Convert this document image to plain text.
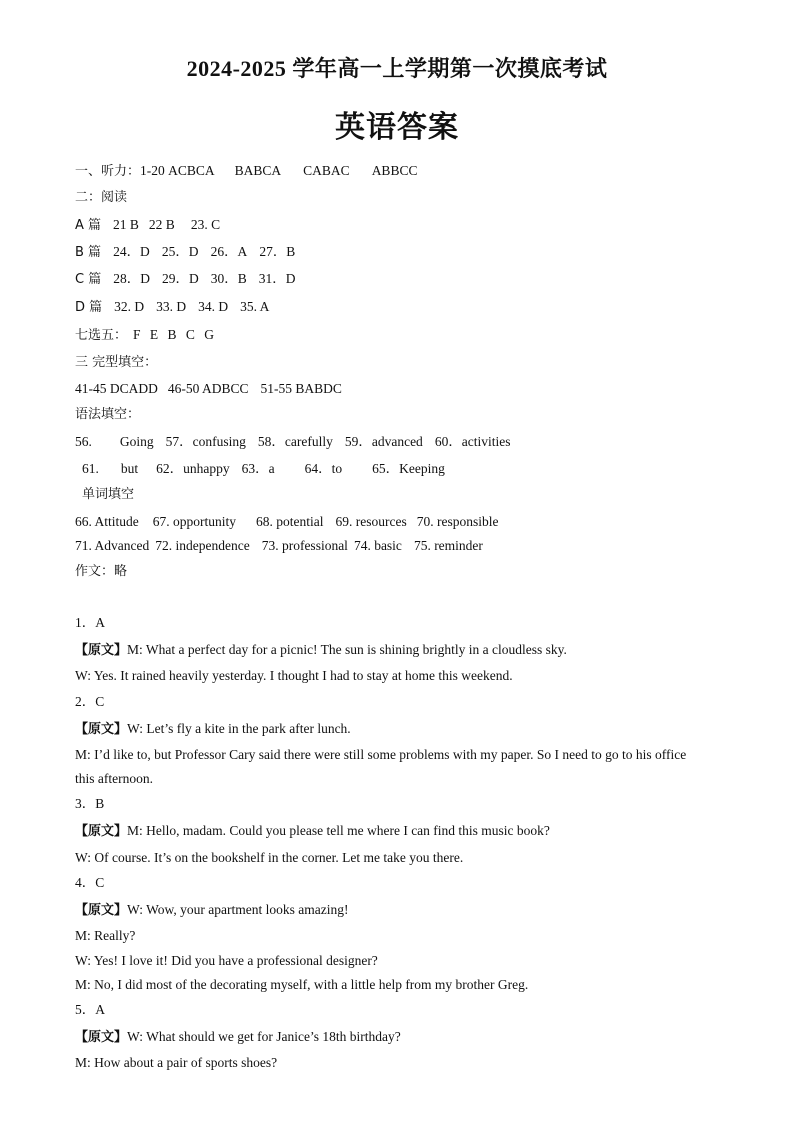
2024-2025 学年高一上学期第一次摸底考试
英语答案
一、听力：1-20 ACBCA BABCA CABAC ABBCC
二：阅读
A 篇 21 B 22 B 23. C
B 篇 24．D 25．D 26．A 27．B
C 篇 28．D 29．D 30．B 31．D
D 篇 32. D 33. D 34. D 35. A
七选五： F E B C G
三 完型填空：
41-45 DCADD 46-50 ADBCC 51-55 BABDC
语法填空：
56. Going 57．confusing 58．carefully 59．advanced 60．activities
61. but 62．unhappy 63．a 64．to 65．Keeping
单词填空
66. Attitude 67. opportunity 68. potential 69. resources 70. responsible
71. Advanced 72. independence 73. professional 74. basic 75. reminder
作文：略
1．A
【原文】M: What a perfect day for a picnic! The sun is shining brightly in a cloudless sky.
W: Yes. It rained heavily yesterday. I thought I had to stay at home this weekend.
2．C
【原文】W: Let’s fly a kite in the park after lunch.
M: I’d like to, but Professor Cary said there were still some problems with my paper. So I need to go to his office
this afternoon.
3．B
【原文】M: Hello, madam. Could you please tell me where I can find this music book?
W: Of course. It’s on the bookshelf in the corner. Let me take you there.
4．C
【原文】W: Wow, your apartment looks amazing!
M: Really?
W: Yes! I love it! Did you have a professional designer?
M: No, I did most of the decorating myself, with a little help from my brother Greg.
5．A
【原文】W: What should we get for Janice’s 18th birthday?
M: How about a pair of sports shoes?
